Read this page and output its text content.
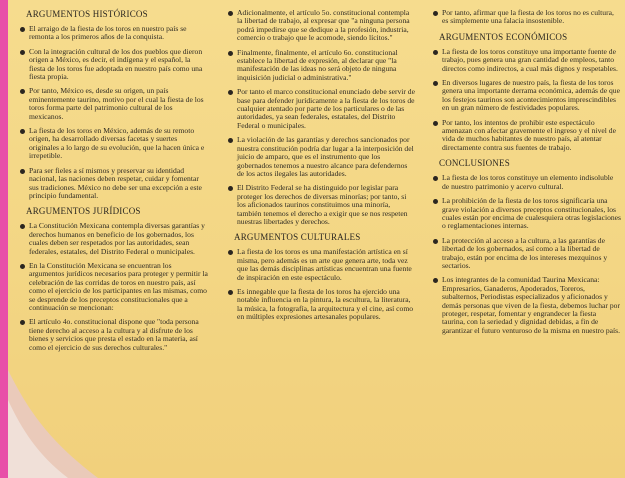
ARGUMENTOS HISTÓRICOS
El arraigo de la fiesta de los toros en nuestro país se remonta a los primeros años de la conquista.
Con la integración cultural de los dos pueblos que dieron origen a México, es decir, el indígena y el español, la fiesta de los toros fue adoptada en nuestro país como una fiesta propia.
Por tanto, México es, desde su origen, un país eminentemente taurino, motivo por el cual la fiesta de los toros forma parte del patrimonio cultural de los mexicanos.
La fiesta de los toros en México, además de su remoto origen, ha desarrollado diversas facetas y suertes originales a lo largo de su evolución, que la hacen única e irrepetible.
Para ser fieles a sí mismos y preservar su identidad nacional, las naciones deben respetar, cuidar y fomentar sus tradiciones. México no debe ser una excepción a este principio fundamental.
ARGUMENTOS JURÍDICOS
La Constitución Mexicana contempla diversas garantías y derechos humanos en beneficio de los gobernados, los cuales deben ser respetados por las autoridades, sean federales, estatales, del Distrito Federal o municipales.
En la Constitución Mexicana se encuentran los argumentos jurídicos necesarios para proteger y permitir la celebración de las corridas de toros en nuestro país, así como el ejercicio de los participantes en las mismas, como se desprende de los preceptos constitucionales que a continuación se mencionan:
El artículo 4o. constitucional dispone que "toda persona tiene derecho al acceso a la cultura y al disfrute de los bienes y servicios que presta el estado en la materia, así como el ejercicio de sus derechos culturales."
Adicionalmente, el artículo 5o. constitucional contempla la libertad de trabajo, al expresar que "a ninguna persona podrá impedirse que se dedique a la profesión, industria, comercio o trabajo que le acomode, siendo lícitos."
Finalmente, finalmente, el artículo 6o. constitucional establece la libertad de expresión, al declarar que "la manifestación de las ideas no será objeto de ninguna inquisición judicial o administrativa."
Por tanto el marco constitucional enunciado debe servir de base para defender jurídicamente a la fiesta de los toros de cualquier atentado por parte de los particulares o de las autoridades, ya sean federales, estatales, del Distrito Federal o municipales.
La violación de las garantías y derechos sancionados por nuestra constitución podría dar lugar a la interposición del juicio de amparo, que es el instrumento que los gobernados tenemos a nuestro alcance para defendernos de los actos ilegales las autoridades.
El Distrito Federal se ha distinguido por legislar para proteger los derechos de diversas minorías; por tanto, si los aficionados taurinos constituimos una minoría, también tenemos el derecho a exigir que se nos respeten nuestras libertades y derechos.
ARGUMENTOS CULTURALES
La fiesta de los toros es una manifestación artística en sí misma, pero además es un arte que genera arte, toda vez que las demás disciplinas artísticas encuentran una fuente de inspiración en este espectáculo.
Es innegable que la fiesta de los toros ha ejercido una notable influencia en la pintura, la escultura, la literatura, la música, la fotografía, la arquitectura y el cine, así como en múltiples expresiones artesanales populares.
Por tanto, afirmar que la fiesta de los toros no es cultura, es simplemente una falacia insostenible.
ARGUMENTOS ECONÓMICOS
La fiesta de los toros constituye una importante fuente de trabajo, pues genera una gran cantidad de empleos, tanto directos como indirectos, a cual más dignos y respetables.
En diversos lugares de nuestro país, la fiesta de los toros genera una importante derrama económica, además de que los festejos taurinos son acontecimientos imprescindibles en un gran número de festividades populares.
Por tanto, los intentos de prohibir este espectáculo amenazan con afectar gravemente el ingreso y el nivel de vida de muchos habitantes de nuestro país, al atentar directamente contra sus fuentes de trabajo.
CONCLUSIONES
La fiesta de los toros constituye un elemento indisoluble de nuestro patrimonio y acervo cultural.
La prohibición de la fiesta de los toros significaría una grave violación a diversos preceptos constitucionales, los cuales están por encima de cualesquiera otras legislaciones o reglamentaciones internas.
La protección al acceso a la cultura, a las garantías de libertad de los gobernados, así como a la libertad de trabajo, están por encima de los intereses mezquinos y sectarios.
Los integrantes de la comunidad Taurina Mexicana: Empresarios, Ganaderos, Apoderados, Toreros, subalternos, Periodistas especializados y aficionados y demás personas que viven de la fiesta, debemos luchar por proteger, respetar, fomentar y engrandecer la fiesta taurina, con la seriedad y dignidad debidas, a fin de garantizar el futuro venturoso de la misma en nuestro país.
